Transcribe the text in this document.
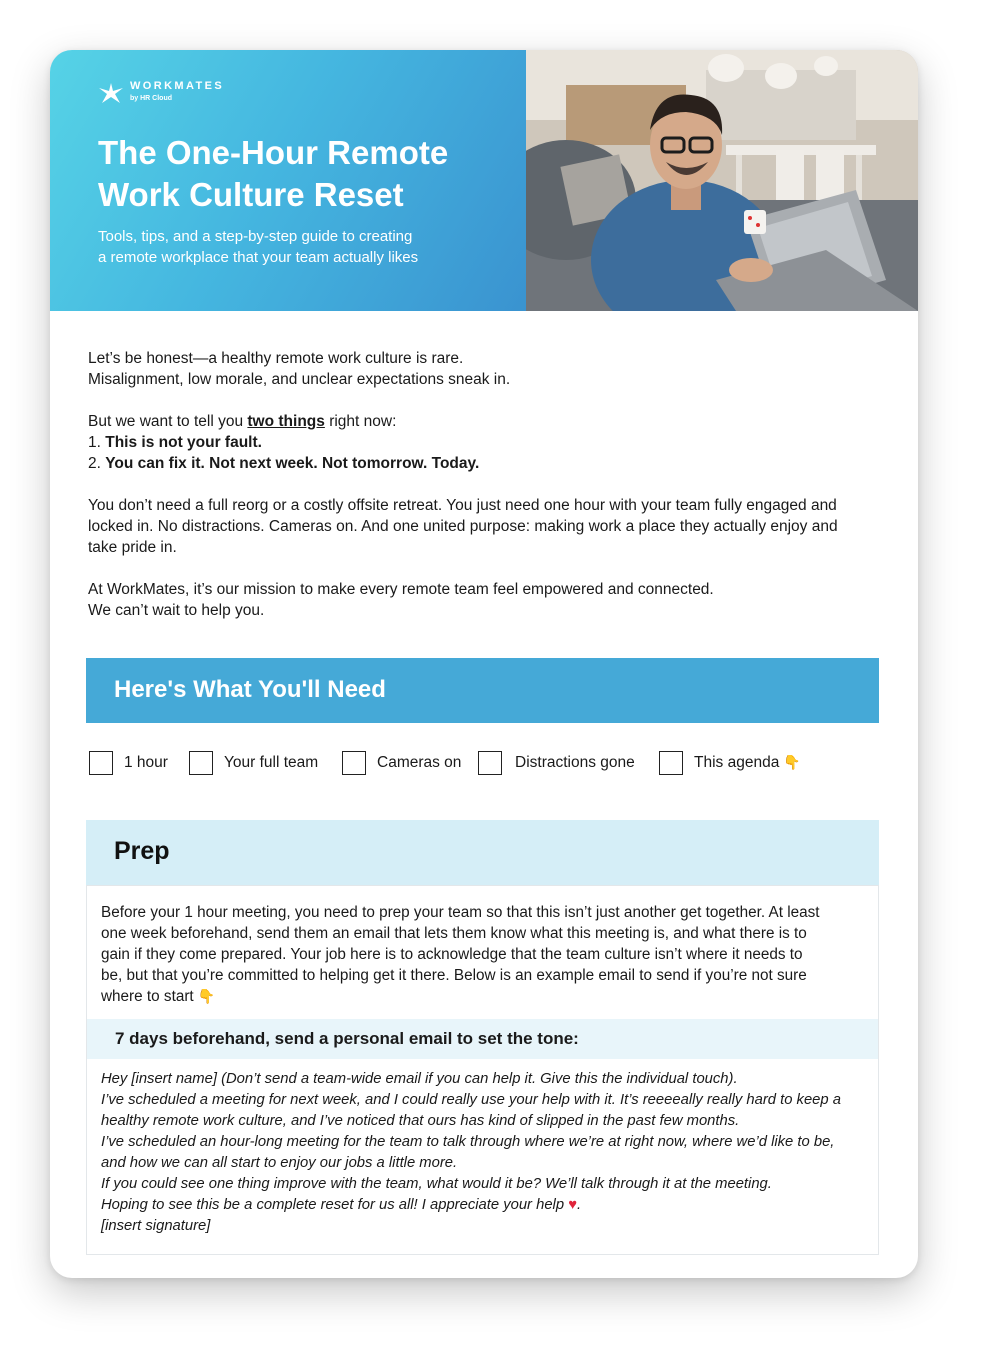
WORKMATES
by HR Cloud
The One-Hour Remote
Work Culture Reset
Tools, tips, and a step-by-step guide to creating
a remote workplace that your team actually likes

Let’s be honest—a healthy remote work culture is rare.
Misalignment, low morale, and unclear expectations sneak in.

But we want to tell you two things right now:
1. This is not your fault.
2. You can fix it. Not next week. Not tomorrow. Today.

You don’t need a full reorg or a costly offsite retreat. You just need one hour with your team fully engaged and
locked in. No distractions. Cameras on. And one united purpose: making work a place they actually enjoy and
take pride in.

At WorkMates, it’s our mission to make every remote team feel empowered and connected.
We can’t wait to help you.

Here's What You'll Need
1 hour	Your full team	Cameras on	Distractions gone	This agenda 👇
Prep
Before your 1 hour meeting, you need to prep your team so that this isn’t just another get together. At least
one week beforehand, send them an email that lets them know what this meeting is, and what there is to
gain if they come prepared. Your job here is to acknowledge that the team culture isn’t where it needs to
be, but that you’re committed to helping get it there. Below is an example email to send if you’re not sure
where to start 👇
7 days beforehand, send a personal email to set the tone:
Hey [insert name] (Don’t send a team-wide email if you can help it. Give this the individual touch).
I’ve scheduled a meeting for next week, and I could really use your help with it. It’s reeeeally really hard to keep a
healthy remote work culture, and I’ve noticed that ours has kind of slipped in the past few months.
I’ve scheduled an hour-long meeting for the team to talk through where we’re at right now, where we’d like to be,
and how we can all start to enjoy our jobs a little more.
If you could see one thing improve with the team, what would it be? We’ll talk through it at the meeting.
Hoping to see this be a complete reset for us all! I appreciate your help ♥.
[insert signature]
